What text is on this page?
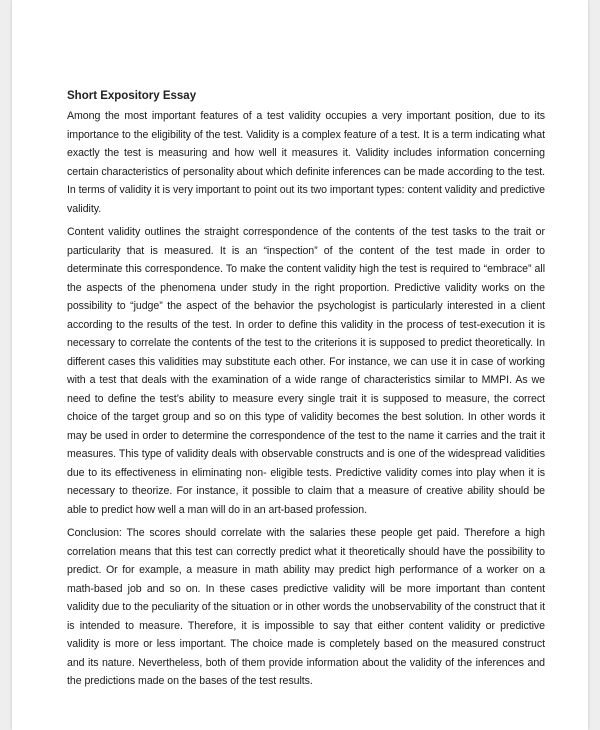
Short Expository Essay

Among the most important features of a test validity occupies a very important position, due to its importance to the eligibility of the test. Validity is a complex feature of a test. It is a term indicating what exactly the test is measuring and how well it measures it. Validity includes information concerning certain characteristics of personality about which definite inferences can be made according to the test. In terms of validity it is very important to point out its two important types: content validity and predictive validity.

Content validity outlines the straight correspondence of the contents of the test tasks to the trait or particularity that is measured. It is an “inspection” of the content of the test made in order to determinate this correspondence. To make the content validity high the test is required to “embrace” all the aspects of the phenomena under study in the right proportion. Predictive validity works on the possibility to “judge” the aspect of the behavior the psychologist is particularly interested in a client according to the results of the test. In order to define this validity in the process of test-execution it is necessary to correlate the contents of the test to the criterions it is supposed to predict theoretically. In different cases this validities may substitute each other. For instance, we can use it in case of working with a test that deals with the examination of a wide range of characteristics similar to MMPI. As we need to define the test’s ability to measure every single trait it is supposed to measure, the correct choice of the target group and so on this type of validity becomes the best solution. In other words it may be used in order to determine the correspondence of the test to the name it carries and the trait it measures. This type of validity deals with observable constructs and is one of the widespread validities due to its effectiveness in eliminating non- eligible tests. Predictive validity comes into play when it is necessary to theorize. For instance, it possible to claim that a measure of creative ability should be able to predict how well a man will do in an art-based profession.

Conclusion: The scores should correlate with the salaries these people get paid. Therefore a high correlation means that this test can correctly predict what it theoretically should have the possibility to predict. Or for example, a measure in math ability may predict high performance of a worker on a math-based job and so on. In these cases predictive validity will be more important than content validity due to the peculiarity of the situation or in other words the unobservability of the construct that it is intended to measure. Therefore, it is impossible to say that either content validity or predictive validity is more or less important. The choice made is completely based on the measured construct and its nature. Nevertheless, both of them provide information about the validity of the inferences and the predictions made on the bases of the test results.
